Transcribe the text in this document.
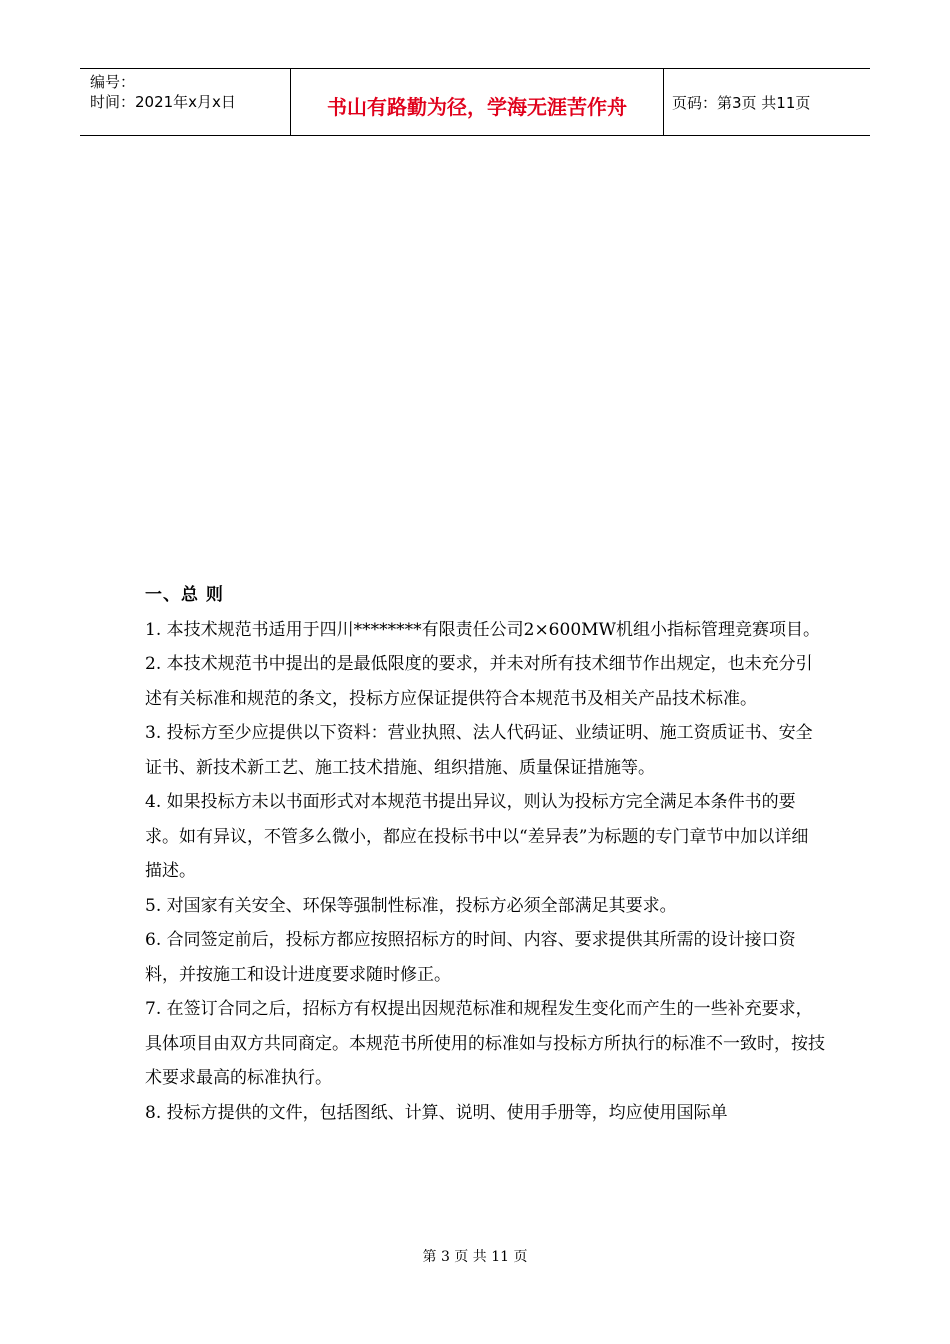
编号：
时间：2021年x月x日	书山有路勤为径，学海无涯苦作舟	页码：第3页 共11页

一、总 则

1. 本技术规范书适用于四川********有限责任公司2×600MW机组小指标管理竞赛项目。

2. 本技术规范书中提出的是最低限度的要求，并未对所有技术细节作出规定，也未充分引述有关标准和规范的条文，投标方应保证提供符合本规范书及相关产品技术标准。

3. 投标方至少应提供以下资料：营业执照、法人代码证、业绩证明、施工资质证书、安全证书、新技术新工艺、施工技术措施、组织措施、质量保证措施等。

4. 如果投标方未以书面形式对本规范书提出异议，则认为投标方完全满足本条件书的要求。如有异议，不管多么微小，都应在投标书中以“差异表”为标题的专门章节中加以详细描述。

5. 对国家有关安全、环保等强制性标准，投标方必须全部满足其要求。

6. 合同签定前后，投标方都应按照招标方的时间、内容、要求提供其所需的设计接口资料，并按施工和设计进度要求随时修正。

7. 在签订合同之后，招标方有权提出因规范标准和规程发生变化而产生的一些补充要求，具体项目由双方共同商定。本规范书所使用的标准如与投标方所执行的标准不一致时，按技术要求最高的标准执行。

8. 投标方提供的文件，包括图纸、计算、说明、使用手册等，均应使用国际单

第 3 页 共 11 页
